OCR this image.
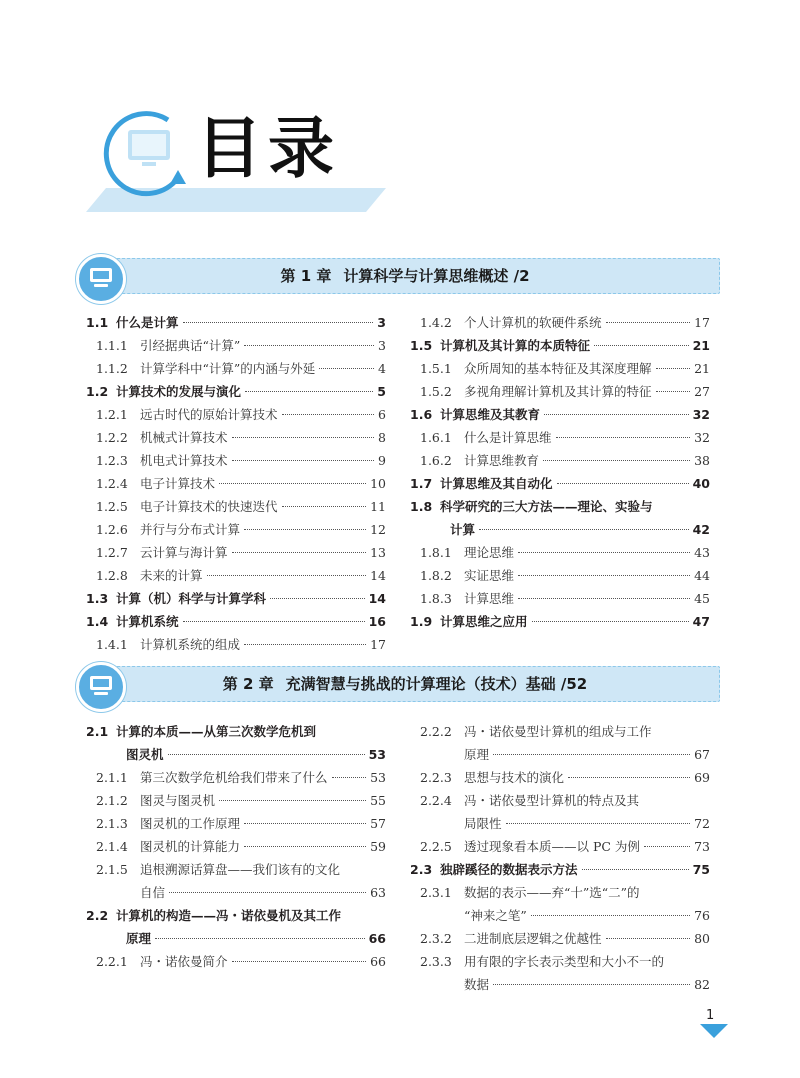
目录
第 1 章 计算科学与计算思维概述 /2
1.1 什么是计算	3
1.1.1 引经据典话“计算”	3
1.1.2 计算学科中“计算”的内涵与外延	4
1.2 计算技术的发展与演化	5
1.2.1 远古时代的原始计算技术	6
1.2.2 机械式计算技术	8
1.2.3 机电式计算技术	9
1.2.4 电子计算技术	10
1.2.5 电子计算技术的快速迭代	11
1.2.6 并行与分布式计算	12
1.2.7 云计算与海计算	13
1.2.8 未来的计算	14
1.3 计算（机）科学与计算学科	14
1.4 计算机系统	16
1.4.1 计算机系统的组成	17
1.4.2 个人计算机的软硬件系统	17
1.5 计算机及其计算的本质特征	21
1.5.1 众所周知的基本特征及其深度理解	21
1.5.2 多视角理解计算机及其计算的特征	27
1.6 计算思维及其教育	32
1.6.1 什么是计算思维	32
1.6.2 计算思维教育	38
1.7 计算思维及其自动化	40
1.8 科学研究的三大方法——理论、实验与
计算	42
1.8.1 理论思维	43
1.8.2 实证思维	44
1.8.3 计算思维	45
1.9 计算思维之应用	47
第 2 章 充满智慧与挑战的计算理论（技术）基础 /52
2.1 计算的本质——从第三次数学危机到
图灵机	53
2.1.1 第三次数学危机给我们带来了什么	53
2.1.2 图灵与图灵机	55
2.1.3 图灵机的工作原理	57
2.1.4 图灵机的计算能力	59
2.1.5 追根溯源话算盘——我们该有的文化
自信	63
2.2 计算机的构造——冯・诺依曼机及其工作
原理	66
2.2.1 冯・诺依曼简介	66
2.2.2 冯・诺依曼型计算机的组成与工作
原理	67
2.2.3 思想与技术的演化	69
2.2.4 冯・诺依曼型计算机的特点及其
局限性	72
2.2.5 透过现象看本质——以 PC 为例	73
2.3 独辟蹊径的数据表示方法	75
2.3.1 数据的表示——弃“十”选“二”的
“神来之笔”	76
2.3.2 二进制底层逻辑之优越性	80
2.3.3 用有限的字长表示类型和大小不一的
数据	82
1
